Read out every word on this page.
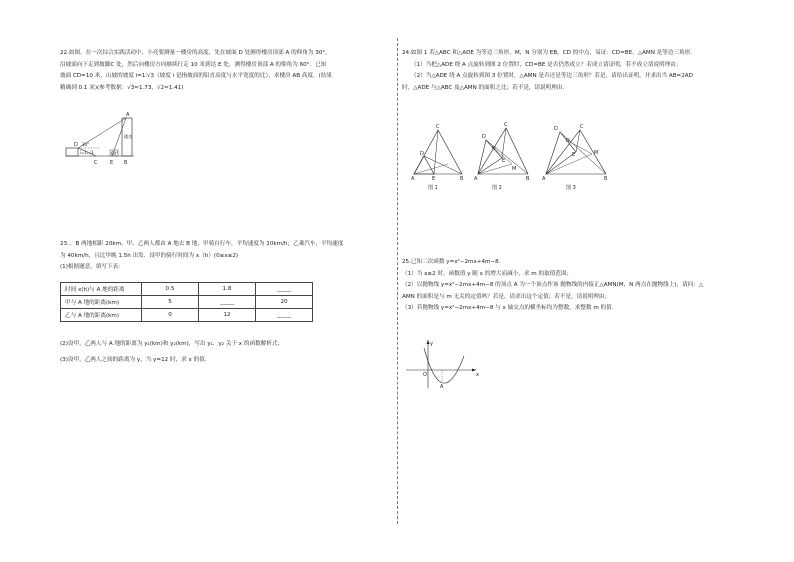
22.如图，在一次综合实践活动中，小亮要测量一楼房的高度，先在坡面 D 处测得楼房顶部 A 的仰角为 30°，

沿坡面向下走到坡脚C 处，然后向楼房方向继续行走 10 米到达 E 处，测得楼房顶部 A 的仰角为 60°．已知

坡面 CD=10 米，山坡的坡度 i=1∶√3（坡度 i 是指坡面的铅直高度与水平宽度的比），求楼房 AB 高度．(结果

精确到 0.1 米)(参考数据：√3≈1.73，√2≈1.41)

A
D
C	E B
30°
60°
i=1:√3
楼房

23．，B 两地相距 20km，甲、乙两人都由 A 地去 B 地，甲骑自行车，平均速度为 10km/h；乙乘汽车，平均速度

为 40km/h，且比甲晚 1.5h 出发．设甲的骑行时间为 x（h）(0≤x≤2)

(1)根据题意，填写下表：

时间 x(h)与 A 地的距离	0.5	1.8	_____
甲与 A 地的距离(km)	5	_____	20
乙与 A 地的距离(km)	0	12	_____

(2)设甲，乙两人与 A 地的距离为 y₁(km)和 y₂(km)，写出 y₁，y₂ 关于 x 的函数解析式；

(3)设甲，乙两人之间的距离为 y，当 y=12 时，求 x 的值.

24.如图 1 若△ABC 和△ADE 为等边三角形，M，N 分别为 EB，CD 的中点，易证：CD=BE，△AMN 是等边三角形．

（1）当把△ADE 绕 A 点旋转到图 2 位置时，CD=BE 是否仍然成立？若成立请证明，若不成立请说明理由；

（2）当△ADE 绕 A 点旋转到图 3 位置时，△AMN 是否还是等边三角形？若是，请给出证明，并求出当 AB=2AD

时，△ADE 与△ABC 及△AMN 的面积之比；若不是，请说明理由．

A	B
C
D
E
图 1
A	B
C
D
E
M
N
图 2
A	B
C
D
E	M
N
图 3

25.已知二次函数 y=x²−2mx+4m−8.

（1）当 x≤2 时，函数值 y 随 x 的增大而减小，求 m 的取值范围；

（2）以抛物线 y=x²−2mx+4m−8 的顶点 A 为一个顶点作该 抛物线的内接正△AMN(M，N 两点在抛物线上)，请问：△

AMN 的面积是与 m 无关的定值吗？若是，请求出这个定值；若不是，请说明理由；

（3）若抛物线 y=x²−2mx+4m−8 与 x 轴交点的横坐标均为整数，求整数 m 的值.

y
x
O
A
